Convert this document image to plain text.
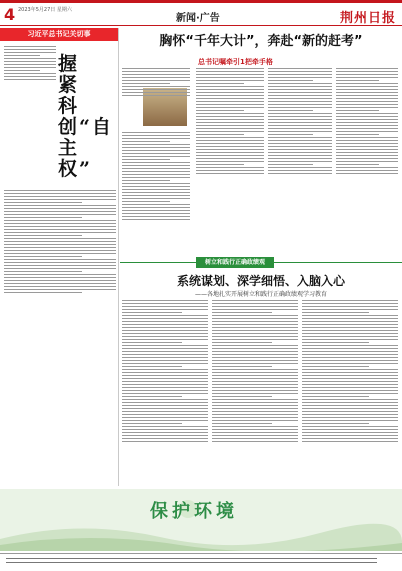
4 2023年5月27日 星期六
新闻·广告	荆州日报
习近平总书记关切事
握紧科创“自主权”
胸怀“千年大计”，奔赴“新的赶考”
总书记嘱牵引1把牵手格
树立和践行正确政绩观
系统谋划、深学细悟、入脑入心
——各地扎实开展树立和践行正确政绩观学习教育
保护环境
